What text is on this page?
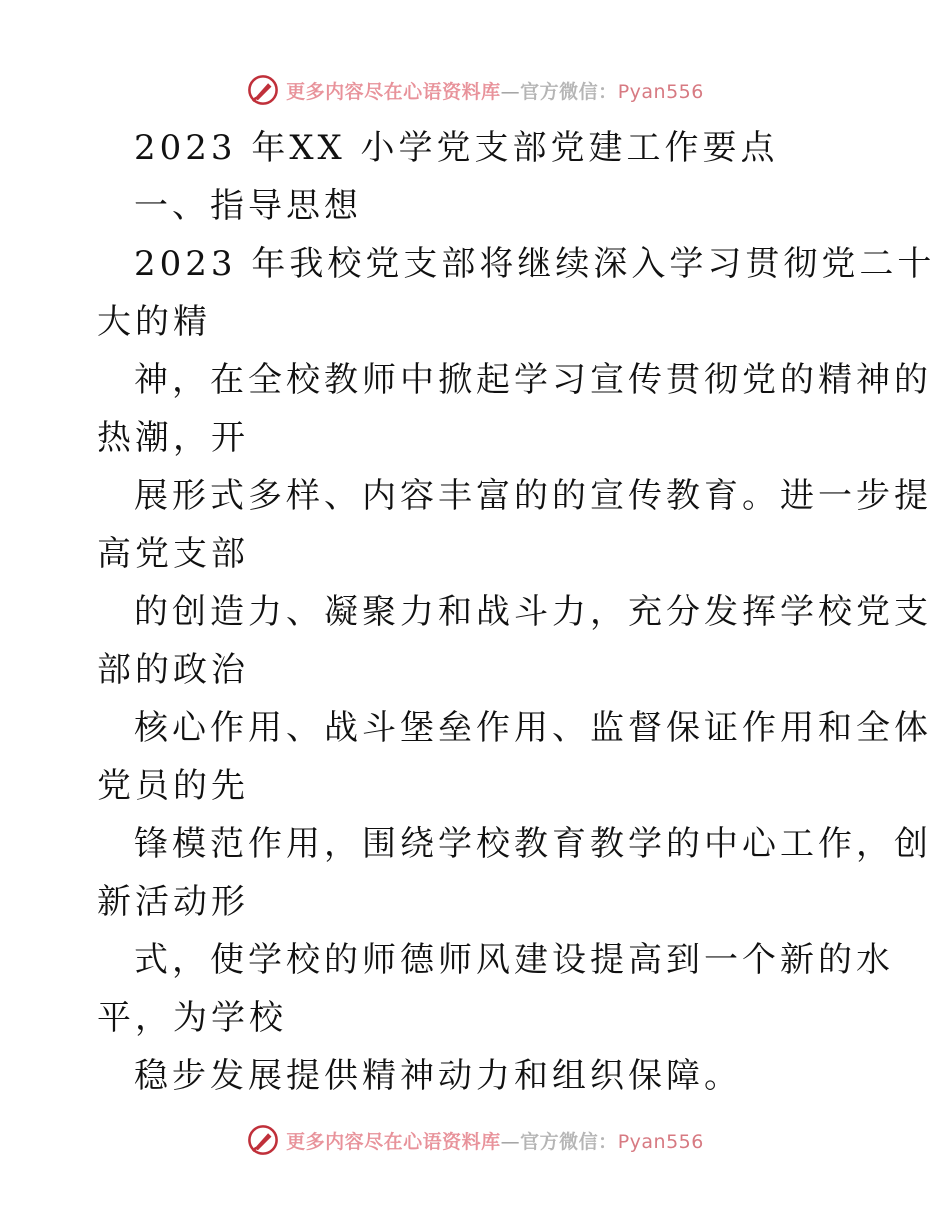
更多内容尽在心语资料库—官方微信：Pyan556
2023 年XX 小学党支部党建工作要点
一、指导思想
2023 年我校党支部将继续深入学习贯彻党二十
大的精
神，在全校教师中掀起学习宣传贯彻党的精神的
热潮，开
展形式多样、内容丰富的的宣传教育。进一步提
高党支部
的创造力、凝聚力和战斗力，充分发挥学校党支
部的政治
核心作用、战斗堡垒作用、监督保证作用和全体
党员的先
锋模范作用，围绕学校教育教学的中心工作，创
新活动形
式，使学校的师德师风建设提高到一个新的水
平，为学校
稳步发展提供精神动力和组织保障。
更多内容尽在心语资料库—官方微信：Pyan556
